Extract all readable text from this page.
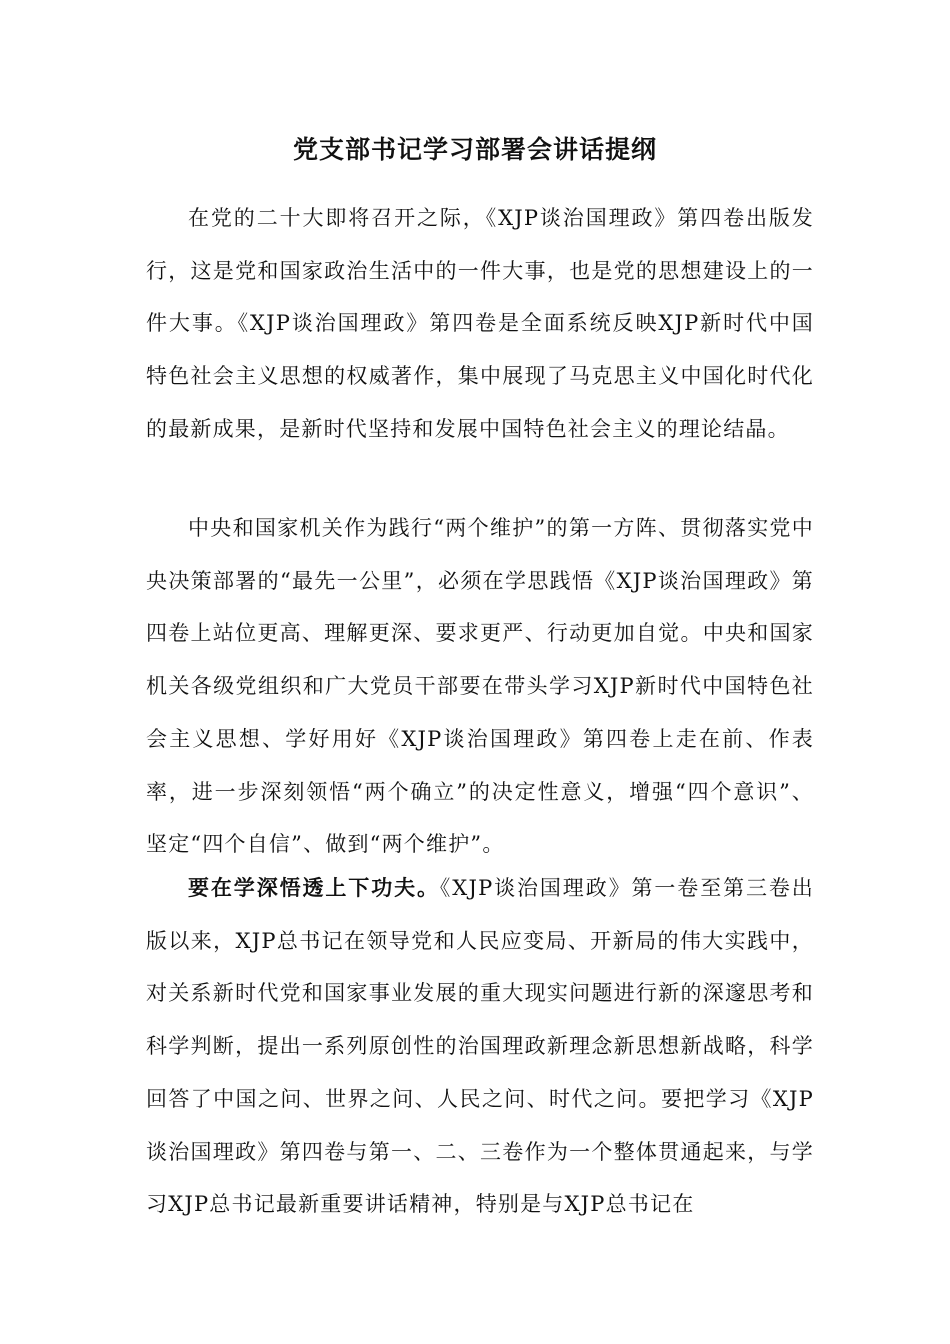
党支部书记学习部署会讲话提纲

在党的二十大即将召开之际，《XJP谈治国理政》第四卷出版发行，这是党和国家政治生活中的一件大事，也是党的思想建设上的一件大事。《XJP谈治国理政》第四卷是全面系统反映XJP新时代中国特色社会主义思想的权威著作，集中展现了马克思主义中国化时代化的最新成果，是新时代坚持和发展中国特色社会主义的理论结晶。

中央和国家机关作为践行“两个维护”的第一方阵、贯彻落实党中央决策部署的“最先一公里”，必须在学思践悟《XJP谈治国理政》第四卷上站位更高、理解更深、要求更严、行动更加自觉。中央和国家机关各级党组织和广大党员干部要在带头学习XJP新时代中国特色社会主义思想、学好用好《XJP谈治国理政》第四卷上走在前、作表率，进一步深刻领悟“两个确立”的决定性意义，增强“四个意识”、坚定“四个自信”、做到“两个维护”。

要在学深悟透上下功夫。《XJP谈治国理政》第一卷至第三卷出版以来，XJP总书记在领导党和人民应变局、开新局的伟大实践中，对关系新时代党和国家事业发展的重大现实问题进行新的深邃思考和科学判断，提出一系列原创性的治国理政新理念新思想新战略，科学回答了中国之问、世界之问、人民之问、时代之问。要把学习《XJP谈治国理政》第四卷与第一、二、三卷作为一个整体贯通起来，与学习XJP总书记最新重要讲话精神，特别是与XJP总书记在
